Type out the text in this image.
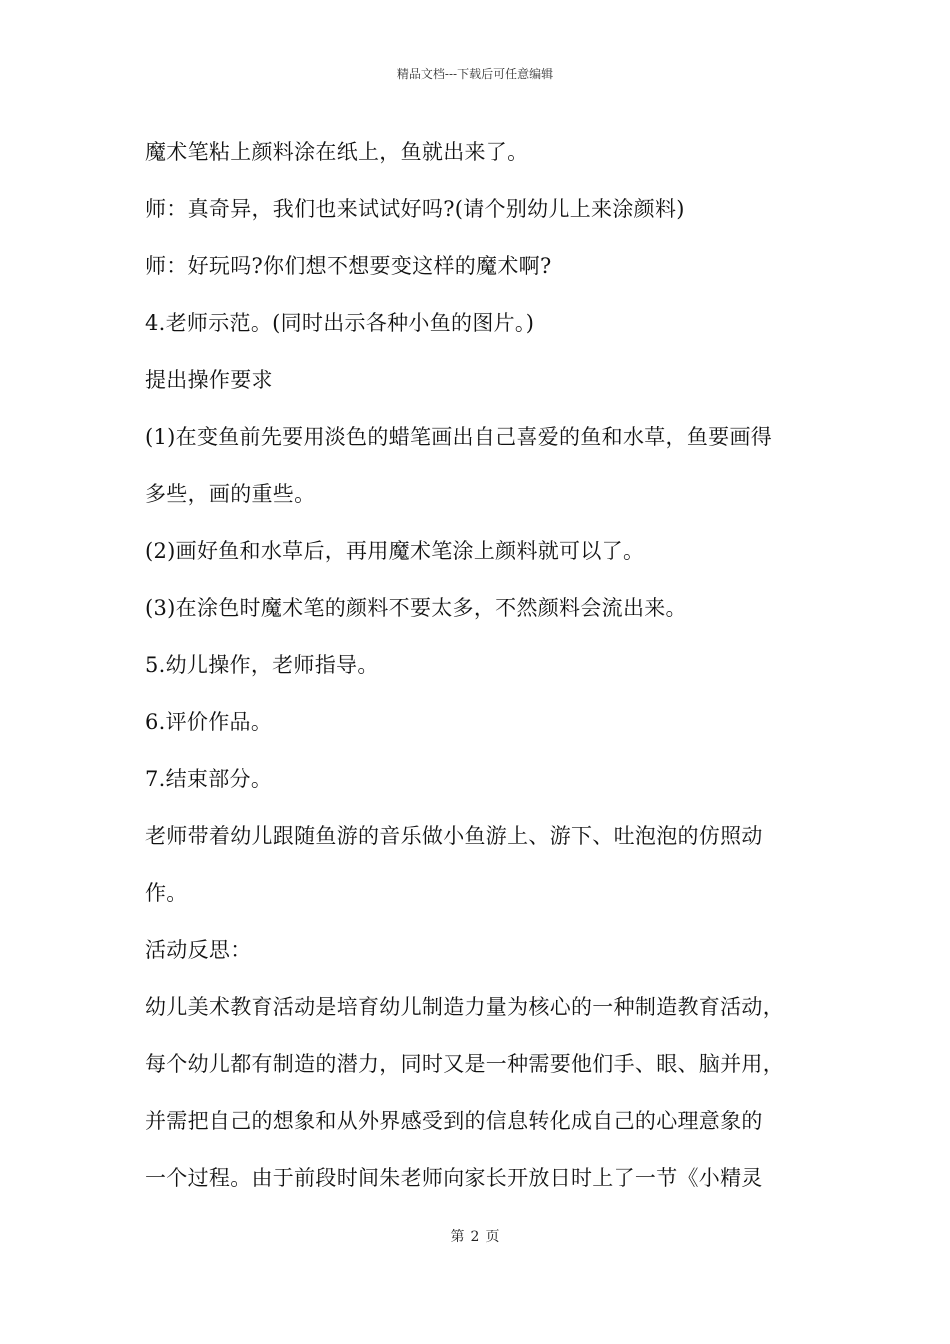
精品文档---下载后可任意编辑
魔术笔粘上颜料涂在纸上，鱼就出来了。
师：真奇异，我们也来试试好吗?(请个别幼儿上来涂颜料)
师：好玩吗?你们想不想要变这样的魔术啊?
4.老师示范。(同时出示各种小鱼的图片。)
提出操作要求
(1)在变鱼前先要用淡色的蜡笔画出自己喜爱的鱼和水草，鱼要画得
多些，画的重些。
(2)画好鱼和水草后，再用魔术笔涂上颜料就可以了。
(3)在涂色时魔术笔的颜料不要太多，不然颜料会流出来。
5.幼儿操作，老师指导。
6.评价作品。
7.结束部分。
老师带着幼儿跟随鱼游的音乐做小鱼游上、游下、吐泡泡的仿照动
作。
活动反思：
幼儿美术教育活动是培育幼儿制造力量为核心的一种制造教育活动，
每个幼儿都有制造的潜力，同时又是一种需要他们手、眼、脑并用，
并需把自己的想象和从外界感受到的信息转化成自己的心理意象的
一个过程。由于前段时间朱老师向家长开放日时上了一节《小精灵
第 2 页
